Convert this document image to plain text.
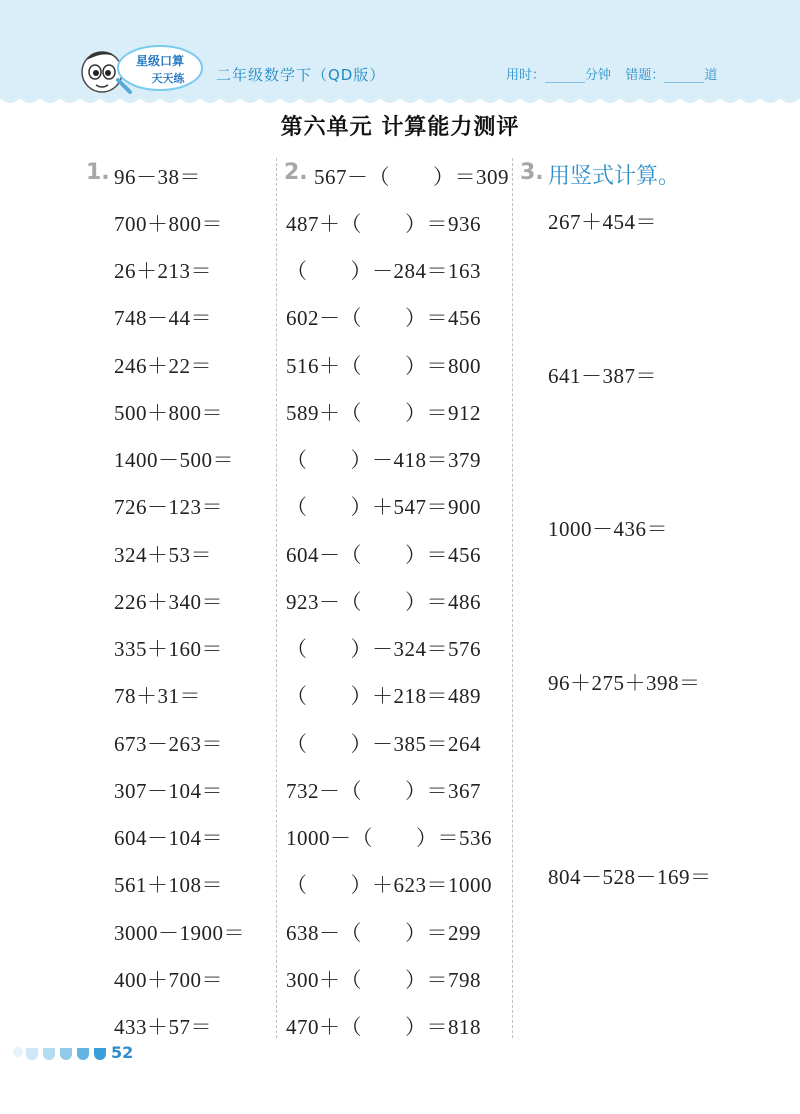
星级口算
天天练 二年级数学下（QD版）	用时：	分钟 错题：	道
第六单元 计算能力测评
1. 96－38＝
700＋800＝
26＋213＝
748－44＝
246＋22＝
500＋800＝
1400－500＝
726－123＝
324＋53＝
226＋340＝
335＋160＝
78＋31＝
673－263＝
307－104＝
604－104＝
561＋108＝
3000－1900＝
400＋700＝
433＋57＝
2. 567－（　　）＝309
487＋（　　）＝936
（　　）－284＝163
602－（　　）＝456
516＋（　　）＝800
589＋（　　）＝912
（　　）－418＝379
（　　）＋547＝900
604－（　　）＝456
923－（　　）＝486
（　　）－324＝576
（　　）＋218＝489
（　　）－385＝264
732－（　　）＝367
1000－（　　）＝536
（　　）＋623＝1000
638－（　　）＝299
300＋（　　）＝798
470＋（　　）＝818
3. 用竖式计算。
267＋454＝
641－387＝
1000－436＝
96＋275＋398＝
804－528－169＝
52
